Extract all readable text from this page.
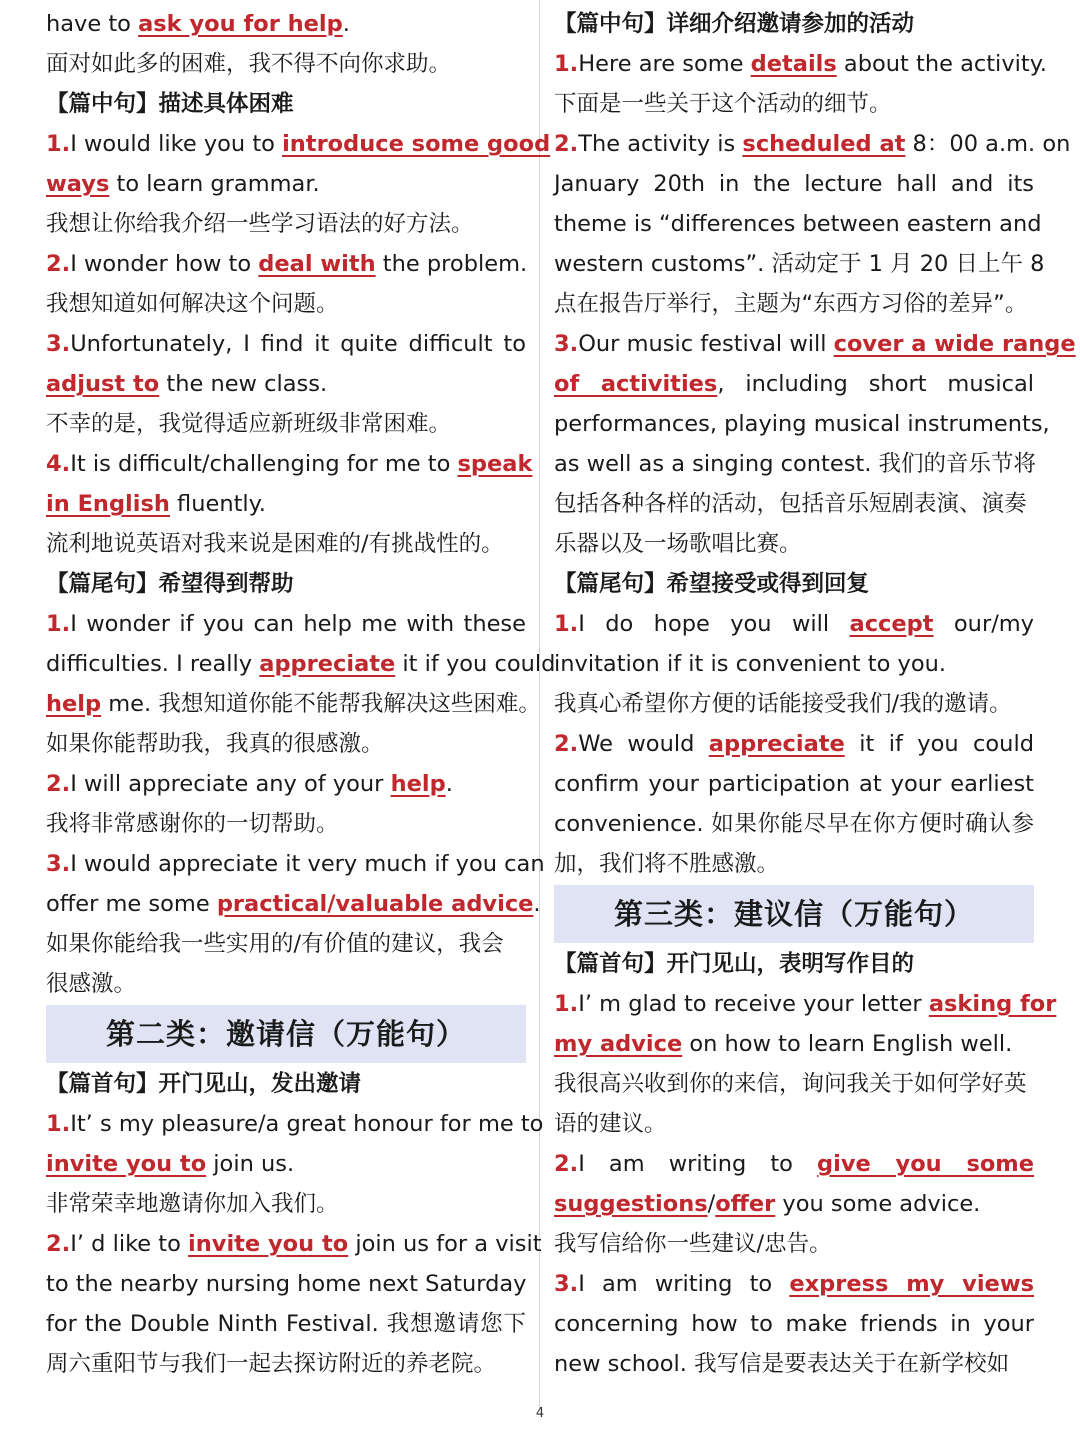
have to ask you for help.
面对如此多的困难，我不得不向你求助。
【篇中句】描述具体困难
1.I would like you to introduce some good
ways to learn grammar.
我想让你给我介绍一些学习语法的好方法。
2.I wonder how to deal with the problem.
我想知道如何解决这个问题。
3.Unfortunately, I find it quite difficult to
adjust to the new class.
不幸的是，我觉得适应新班级非常困难。
4.It is difficult/challenging for me to speak
in English fluently.
流利地说英语对我来说是困难的/有挑战性的。
【篇尾句】希望得到帮助
1.I wonder if you can help me with these
difficulties. I really appreciate it if you could
help me. 我想知道你能不能帮我解决这些困难。
如果你能帮助我，我真的很感激。
2.I will appreciate any of your help.
我将非常感谢你的一切帮助。
3.I would appreciate it very much if you can
offer me some practical/valuable advice.
如果你能给我一些实用的/有价值的建议，我会
很感激。
第二类：邀请信（万能句）
【篇首句】开门见山，发出邀请
1.It’ s my pleasure/a great honour for me to
invite you to join us.
非常荣幸地邀请你加入我们。
2.I’ d like to invite you to join us for a visit
to the nearby nursing home next Saturday
for the Double Ninth Festival. 我想邀请您下
周六重阳节与我们一起去探访附近的养老院。
【篇中句】详细介绍邀请参加的活动
1.Here are some details about the activity.
下面是一些关于这个活动的细节。
2.The activity is scheduled at 8：00 a.m. on
January 20th in the lecture hall and its
theme is “differences between eastern and
western customs”. 活动定于 1 月 20 日上午 8
点在报告厅举行，主题为“东西方习俗的差异”。
3.Our music festival will cover a wide range
of activities, including short musical
performances, playing musical instruments,
as well as a singing contest. 我们的音乐节将
包括各种各样的活动，包括音乐短剧表演、演奏
乐器以及一场歌唱比赛。
【篇尾句】希望接受或得到回复
1.I do hope you will accept our/my
invitation if it is convenient to you.
我真心希望你方便的话能接受我们/我的邀请。
2.We would appreciate it if you could
confirm your participation at your earliest
convenience. 如果你能尽早在你方便时确认参
加，我们将不胜感激。
第三类：建议信（万能句）
【篇首句】开门见山，表明写作目的
1.I’ m glad to receive your letter asking for
my advice on how to learn English well.
我很高兴收到你的来信，询问我关于如何学好英
语的建议。
2.I am writing to give you some
suggestions/offer you some advice.
我写信给你一些建议/忠告。
3.I am writing to express my views
concerning how to make friends in your
new school. 我写信是要表达关于在新学校如
4
